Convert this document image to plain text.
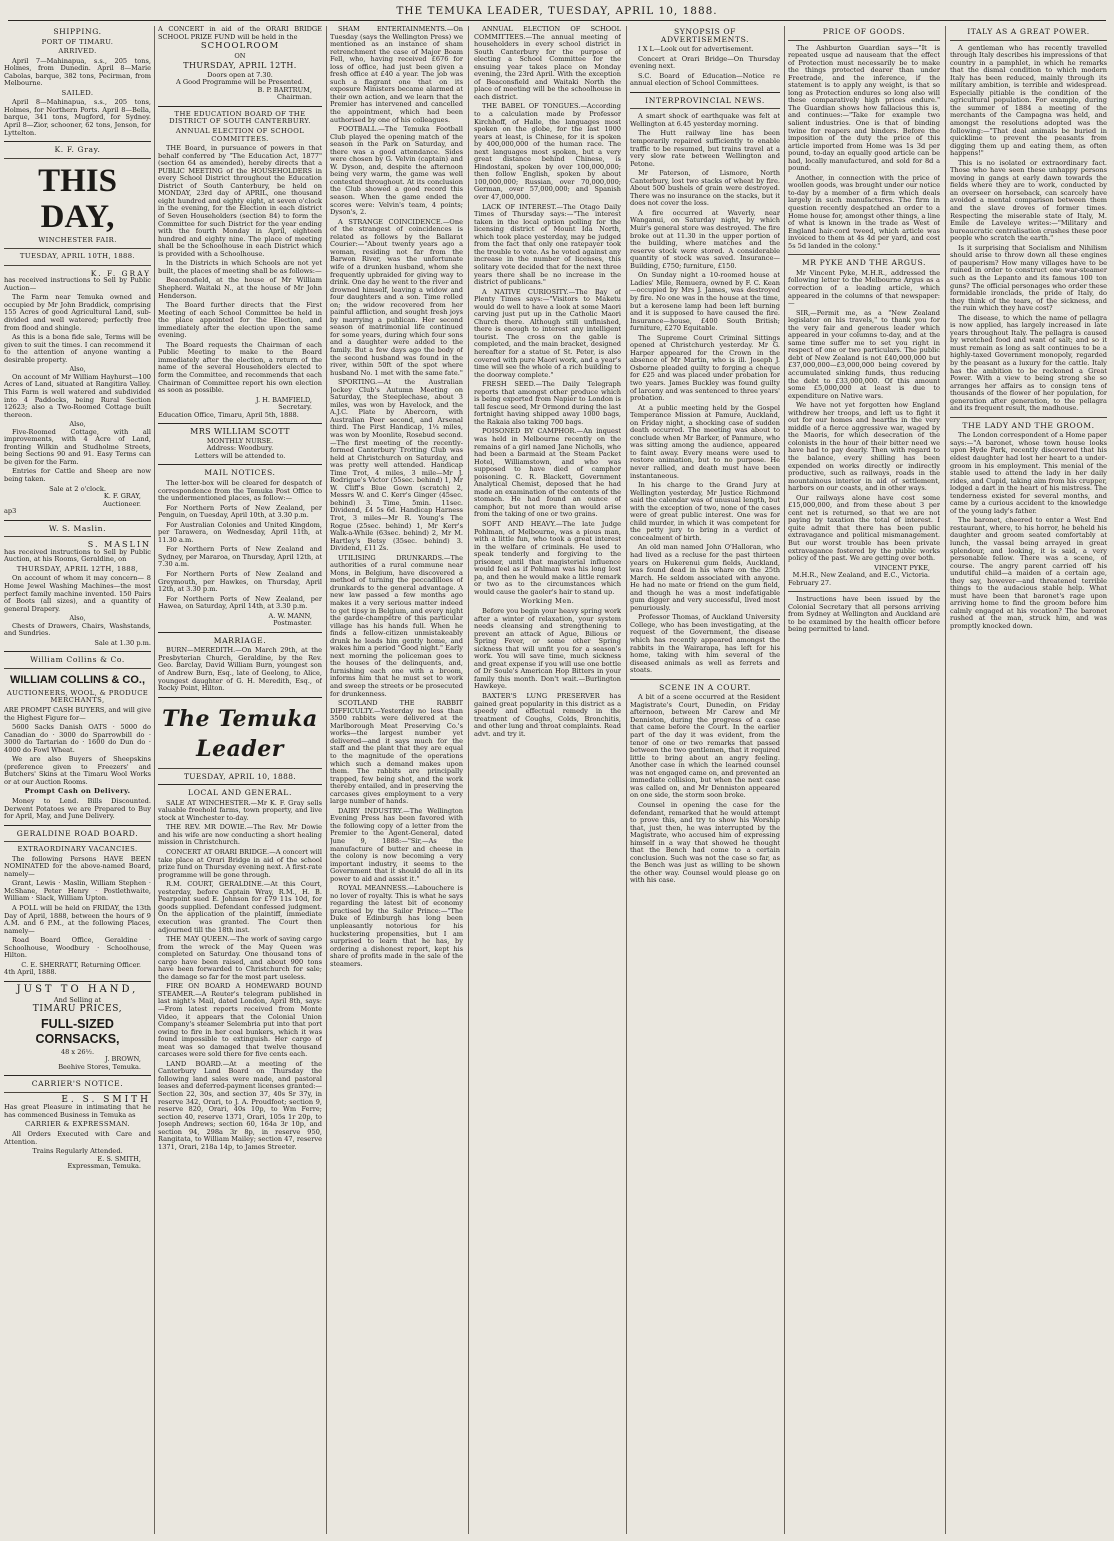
THE TEMUKA LEADER, TUESDAY, APRIL 10, 1888.
SHIPPING.
PORT OF TIMARU.
ARRIVED.
April 7—Mahinapua, s.s., 205 tons, Holmes, from Dunedin. April 8—Marie Cabolas, barque, 382 tons, Pecirman, from Melbourne.
SAILED.
April 8—Mahinapua, s.s., 205 tons, Holmes, for Northern Ports. April 8—Bella, barque, 341 tons, Mugford, for Sydney. April 8—Zior, schooner, 62 tons, Jenson, for Lyttelton.
K. F. Gray.
THIS DAY,
WINCHESTER FAIR.
TUESDAY, APRIL 10TH, 1888.
K. F. GRAY
has received instructions to Sell by Public Auction—
The Farm near Temuka owned and occupied by Mr John Braddick, comprising 155 Acres of good Agricultural Land, sub-divided and well watered; perfectly free from flood and shingle.
As this is a bona fide sale, Terms will be given to suit the times. I can recommend it to the attention of anyone wanting a desirable property.
Also,
On account of Mr William Hayhurst—100 Acres of Land, situated at Rangitira Valley. This Farm is well watered and subdivided into 4 Paddocks, being Rural Section 12623; also a Two-Roomed Cottage built thereon.
Also,
Five-Roomed Cottage, with all improvements, with 4 Acre of Land, fronting Wilkin and Studholme Streets, being Sections 90 and 91. Easy Terms can be given for the Farm.
Entries for Cattle and Sheep are now being taken.
Sale at 2 o'clock.
K. F. GRAY,
Auctioneer.
ap3
W. S. Maslin.
S. MASLIN
has received instructions to Sell by Public Auction, at his Rooms, Geraldine, on
THURSDAY, APRIL 12TH, 1888,
On account of whom it may concern— 8 Home Jewel Washing Machines—the most perfect family machine invented. 150 Pairs of Boots (all sizes), and a quantity of general Drapery.
Also,
Chests of Drawers, Chairs, Washstands, and Sundries.
Sale at 1.30 p.m.
William Collins & Co.
WILLIAM COLLINS & CO.,
AUCTIONEERS, WOOL, & PRODUCE MERCHANTS,
ARE PROMPT CASH BUYERS, and will give the Highest Figure for—
5600 Sacks Danish OATS · 5000 do Canadian do · 3000 do Sparrowbill do · 3000 do Tartarian do · 1600 do Dun do · 4000 do Fowl Wheat.
We are also Buyers of Sheepskins (preference given to Freezers' and Butchers' Skins at the Timaru Wool Works or at our Auction Rooms.
Prompt Cash on Delivery.
Money to Lend. Bills Discounted. Derwent Potatoes we are Prepared to Buy for April, May, and June Delivery.
GERALDINE ROAD BOARD.
EXTRAORDINARY VACANCIES.
The following Persons HAVE BEEN NOMINATED for the above-named Board, namely—
Grant, Lewis · Maslin, William Stephen · McShane, Peter Henry · Postlethwaite, William · Slack, William Upton.
A POLL will be held on FRIDAY, the 13th Day of April, 1888, between the hours of 9 A.M. and 6 P.M., at the following Places, namely—
Road Board Office, Geraldine · Schoolhouse, Woodbury · Schoolhouse, Hilton.
C. E. SHERRATT, Returning Officer.
4th April, 1888.
JUST TO HAND,
And Selling at
TIMARU PRICES,
FULL-SIZED CORNSACKS,
48 x 26½.
J. BROWN,
Beehive Stores, Temuka.
CARRIER'S NOTICE.
E. S. SMITH
Has great Pleasure in intimating that he has commenced Business in Temuka as
CARRIER & EXPRESSMAN.
All Orders Executed with Care and Attention.
Trains Regularly Attended.
E. S. SMITH,
Expressman, Temuka.
A CONCERT in aid of the ORARI BRIDGE SCHOOL PRIZE FUND will be held in the
SCHOOLROOM
ON
THURSDAY, APRIL 12TH.
Doors open at 7.30.
A Good Programme will be Presented.
B. P. BARTRUM,
Chairman.
THE EDUCATION BOARD OF THE DISTRICT OF SOUTH CANTERBURY.
ANNUAL ELECTION OF SCHOOL COMMITTEES.
THE Board, in pursuance of powers in that behalf conferred by "The Education Act, 1877" (section 64 as amended), hereby directs that a PUBLIC MEETING of the HOUSEHOLDERS in every School District throughout the Education District of South Canterbury, be held on MONDAY, 23rd day of APRIL, one thousand eight hundred and eighty eight, at seven o'clock in the evening, for the Election in each district of Seven Householders (section 84) to form the Committee for such District for the year ending with the fourth Monday in April, eighteen hundred and eighty nine. The place of meeting shall be the Schoolhouse in each District which is provided with a Schoolhouse.
In the Districts in which Schools are not yet built, the places of meeting shall be as follows:—
Beaconsfield, at the house of Mr William Shepherd. Waitaki N., at the house of Mr John Henderson.
The Board further directs that the First Meeting of each School Committee be held in the place appointed for the Election, and immediately after the election upon the same evening.
The Board requests the Chairman of each Public Meeting to make to the Board immediately after the election, a return of the name of the several Householders elected to form the Committee, and recommends that each Chairman of Committee report his own election as soon as possible.
J. H. BAMFIELD,
Secretary.
Education Office, Timaru, April 5th, 1888.
MRS WILLIAM SCOTT
MONTHLY NURSE.
Address: Woodbury.
Letters will be attended to.
MAIL NOTICES.
The letter-box will be cleared for despatch of correspondence from the Temuka Post Office to the undermentioned places, as follow:—
For Northern Ports of New Zealand, per Penguin, on Tuesday, April 10th, at 3.30 p.m.
For Australian Colonies and United Kingdom, per Tarawera, on Wednesday, April 11th, at 11.30 a.m.
For Northern Ports of New Zealand and Sydney, per Mararoa, on Thursday, April 12th, at 7.30 a.m.
For Northern Ports of New Zealand and Greymouth, per Hawkes, on Thursday, April 12th, at 3.30 p.m.
For Northern Ports of New Zealand, per Hawea, on Saturday, April 14th, at 3.30 p.m.
A. W. MANN,
Postmaster.
MARRIAGE.
BURN—MEREDITH.—On March 29th, at the Presbyterian Church, Geraldine, by the Rev. Geo. Barclay, David William Burn, youngest son of Andrew Burn, Esq., late of Geelong, to Alice, youngest daughter of G. H. Meredith, Esq., of Rocky Point, Hilton.
The Temuka Leader
TUESDAY, APRIL 10, 1888.
LOCAL AND GENERAL.
SALE AT WINCHESTER.—Mr K. F. Gray sells valuable freehold farms, town property, and live stock at Winchester to-day.
THE REV. MR DOWIE.—The Rev. Mr Dowie and his wife are now conducting a short healing mission in Christchurch.
CONCERT AT ORARI BRIDGE.—A concert will take place at Orari Bridge in aid of the school prize fund on Thursday evening next. A first-rate programme will be gone through.
R.M. COURT, GERALDINE.—At this Court, yesterday, before Captain Wray, R.M., H. B. Pearpoint sued E. Johnson for £79 11s 10d, for goods supplied. Defendant confessed judgment. On the application of the plaintiff, immediate execution was granted. The Court then adjourned till the 18th inst.
THE MAY QUEEN.—The work of saving cargo from the wreck of the May Queen was completed on Saturday. One thousand tons of cargo have been raised, and about 900 tons have been forwarded to Christchurch for sale; the damage so far for the most part useless.
FIRE ON BOARD A HOMEWARD BOUND STEAMER.—A Reuter's telegram published in last night's Mail, dated London, April 8th, says:—From latest reports received from Monte Video, it appears that the Colonial Union Company's steamer Selembria put into that port owing to fire in her coal bunkers, which it was found impossible to extinguish. Her cargo of meat was so damaged that twelve thousand carcases were sold there for five cents each.
LAND BOARD.—At a meeting of the Canterbury Land Board on Thursday the following land sales were made, and pastoral leases and deferred-payment licenses granted:—Section 22, 30s, and section 37, 40s Sr 37y, in reserve 342, Orari, to J. A. Proudfoot; section 9, reserve 820, Orari, 40s 10p, to Wm Ferre; section 40, reserve 1371, Orari, 105s 1r 20p, to Joseph Andrews; section 60, 164a 3r 10p, and section 94, 298a 3r 8p, in reserve 950, Rangitata, to William Mailey; section 47, reserve 1371, Orari, 218a 14p, to James Streeter.
SHAM ENTERTAINMENTS.—On Tuesday (says the Wellington Press) we mentioned as an instance of sham retrenchment the case of Major Boam Fell, who, having received £676 for loss of office, had just been given a fresh office at £40 a year. The job was such a flagrant one that on its exposure Ministers became alarmed at their own action, and we learn that the Premier has intervened and cancelled the appointment, which had been authorised by one of his colleagues.
FOOTBALL.—The Temuka Football Club played the opening match of the season in the Park on Saturday, and there was a good attendance. Sides were chosen by G. Velvin (captain) and W. Dyson, and, despite the afternoon being very warm, the game was well contested throughout. At its conclusion the Club showed a good record this season. When the game ended the scores were: Velvin's team, 4 points; Dyson's, 2.
A STRANGE COINCIDENCE.—One of the strangest of coincidences is related as follows by the Ballarat Courier:—"About twenty years ago a woman, residing not far from the Barwon River, was the unfortunate wife of a drunken husband, whom she frequently upbraided for giving way to drink. One day he went to the river and drowned himself, leaving a widow and four daughters and a son. Time rolled on; the widow recovered from her painful affliction, and sought fresh joys by marrying a publican. Her second season of matrimonial life continued for some years, during which four sons and a daughter were added to the family. But a few days ago the body of the second husband was found in the river, within 50ft of the spot where husband No. 1 met with the same fate."
SPORTING.—At the Australian Jockey Club's Autumn Meeting on Saturday, the Steeplechase, about 3 miles, was won by Havelock, and the A.J.C. Plate by Abercorn, with Australian Peer second, and Arsenal third. The First Handicap, 1¼ miles, was won by Moonlite, Rosebud second. —The first meeting of the recently-formed Canterbury Trotting Club was held at Christchurch on Saturday, and was pretty well attended. Handicap Time Trot, 4 miles, 3 mile—Mr J. Rodrigue's Victor (55sec. behind) 1, Mr W. Cliff's Blue Gown (scratch) 2, Messrs W. and C. Kerr's Ginger (45sec. behind) 3. Time, 5min. 11sec. Dividend, £4 5s 6d. Handicap Harness Trot, 3 miles—Mr R. Young's The Rogue (25sec. behind) 1, Mr Kerr's Walk-a-While (63sec. behind) 2, Mr M. Hartley's Betsy (35sec. behind) 3. Dividend, £11 2s.
UTILISING DRUNKARDS.—The authorities of a rural commune near Mons, in Belgium, have discovered a method of turning the peccadilloes of drunkards to the general advantage. A new law passed a few months ago makes it a very serious matter indeed to get tipsy in Belgium, and every night the garde-champêtre of this particular village has his hands full. When he finds a fellow-citizen unmistakeably drunk he leads him gently home, and wakes him a period "Good night." Early next morning the policeman goes to the houses of the delinquents, and, furnishing each one with a broom, informs him that he must set to work and sweep the streets or be prosecuted for drunkenness.
SCOTLAND THE RABBIT DIFFICULTY.—Yesterday no less than 3500 rabbits were delivered at the Marlborough Meat Preserving Co.'s works—the largest number yet delivered—and it says much for the staff and the plant that they are equal to the magnitude of the operations which such a demand makes upon them. The rabbits are principally trapped, few being shot, and the work thereby entailed, and in preserving the carcases gives employment to a very large number of hands.
DAIRY INDUSTRY.—The Wellington Evening Press has been favored with the following copy of a letter from the Premier to the Agent-General, dated June 9, 1888:—"Sir,—As the manufacture of butter and cheese in the colony is now becoming a very important industry, it seems to the Government that it should do all in its power to aid and assist it."
ROYAL MEANNESS.—Labouchere is no lover of royalty. This is what he says regarding the latest bit of economy practised by the Sailor Prince:—"The Duke of Edinburgh has long been unpleasantly notorious for his huckstering propensities, but I am surprised to learn that he has, by ordering a dishonest report, kept his share of profits made in the sale of the steamers.
ANNUAL ELECTION OF SCHOOL COMMITTEES.—The annual meeting of householders in every school district in South Canterbury for the purpose of electing a School Committee for the ensuing year takes place on Monday evening, the 23rd April. With the exception of Beaconsfield and Waitaki North the place of meeting will be the schoolhouse in each district.
THE BABEL OF TONGUES.—According to a calculation made by Professor Kirchhoff, of Halle, the languages most spoken on the globe, for the last 1000 years at least, is Chinese, for it is spoken by 400,000,000 of the human race. The next languages most spoken, but a very great distance behind Chinese, is Hindostani, spoken by over 100,000,000; then follow English, spoken by about 100,000,000; Russian, over 70,000,000; German, over 57,000,000; and Spanish over 47,000,000.
LACK OF INTEREST.—The Otago Daily Times of Thursday says:—"The interest taken in the local option polling for the licensing district of Mount Ida North, which took place yesterday, may be judged from the fact that only one ratepayer took the trouble to vote. As he voted against any increase in the number of licenses, this solitary vote decided that for the next three years there shall be no increase in the district of publicans."
A NATIVE CURIOSITY.—The Bay of Plenty Times says:—"Visitors to Maketu would do well to have a look at some Maori carving just put up in the Catholic Maori Church there. Although still unfinished, there is enough to interest any intelligent tourist. The cross on the gable is completed, and the main bracket, designed hereafter for a statue of St. Peter, is also covered with pure Maori work, and a year's time will see the whole of a rich building to the doorway complete."
FRESH SEED.—The Daily Telegraph reports that amongst other produce which is being exported from Napier to London is tall fescue seed, Mr Ormond during the last fortnight having shipped away 1000 bags, the Rakaia also taking 700 bags.
POISONED BY CAMPHOR.—An inquest was held in Melbourne recently on the remains of a girl named Jane Nicholls, who had been a barmaid at the Steam Packet Hotel, Williamstown, and who was supposed to have died of camphor poisoning. C. R. Blackett, Government Analytical Chemist, deposed that he had made an examination of the contents of the stomach. He had found an ounce of camphor, but not more than would arise from the taking of one or two grains.
SOFT AND HEAVY.—The late Judge Pohlman, of Melbourne, was a pious man, with a little fun, who took a great interest in the welfare of criminals. He used to speak tenderly and forgiving to the prisoner, until that magisterial influence would feel as if Pohlman was his long lost pa, and then he would make a little remark or two as to the circumstances which would cause the gaoler's hair to stand up.
Working Men.
Before you begin your heavy spring work after a winter of relaxation, your system needs cleansing and strengthening to prevent an attack of Ague, Bilious or Spring Fever, or some other Spring sickness that will unfit you for a season's work. You will save time, much sickness and great expense if you will use one bottle of Dr Soule's American Hop Bitters in your family this month. Don't wait.—Burlington Hawkeye.
BAXTER'S LUNG PRESERVER has gained great popularity in this district as a speedy and effectual remedy in the treatment of Coughs, Colds, Bronchitis, and other lung and throat complaints. Read advt. and try it.
SYNOPSIS OF ADVERTISEMENTS.
I X L—Look out for advertisement.
Concert at Orari Bridge—On Thursday evening next.
S.C. Board of Education—Notice re annual election of School Committees.
INTERPROVINCIAL NEWS.
A smart shock of earthquake was felt at Wellington at 6.45 yesterday morning.
The Hutt railway line has been temporarily repaired sufficiently to enable traffic to be resumed, but trains travel at a very slow rate between Wellington and Petone.
Mr Paterson, of Lismore, North Canterbury, lost two stacks of wheat by fire. About 500 bushels of grain were destroyed. There was no insurance on the stacks, but it does not cover the loss.
A fire occurred at Waverly, near Wanganui, on Saturday night, by which Muir's general store was destroyed. The fire broke out at 11.30 in the upper portion of the building, where matches and the reserve stock were stored. A considerable quantity of stock was saved. Insurance—Building, £750; furniture, £150.
On Sunday night a 10-roomed house at Ladies' Mile, Remuera, owned by F. C. Kean—occupied by Mrs J. James, was destroyed by fire. No one was in the house at the time, but a kerosene lamp had been left burning and it is supposed to have caused the fire. Insurance—house, £400 South British; furniture, £270 Equitable.
The Supreme Court Criminal Sittings opened at Christchurch yesterday. Mr G. Harper appeared for the Crown in the absence of Mr Martin, who is ill. Joseph J. Osborne pleaded guilty to forging a cheque for £25 and was placed under probation for two years. James Buckley was found guilty of larceny and was sentenced to three years' probation.
At a public meeting held by the Gospel Temperance Mission at Pamure, Auckland, on Friday night, a shocking case of sudden death occurred. The meeting was about to conclude when Mr Barker, of Panmure, who was sitting among the audience, appeared to faint away. Every means were used to restore animation, but to no purpose. He never rallied, and death must have been instantaneous.
In his charge to the Grand Jury at Wellington yesterday, Mr Justice Richmond said the calendar was of unusual length, but with the exception of two, none of the cases were of great public interest. One was for child murder, in which it was competent for the petty jury to bring in a verdict of concealment of birth.
An old man named John O'Halloran, who had lived as a recluse for the past thirteen years on Hukerenui gum fields, Auckland, was found dead in his whare on the 25th March. He seldom associated with anyone. He had no mate or friend on the gum field, and though he was a most indefatigable gum digger and very successful, lived most penuriously.
Professor Thomas, of Auckland University College, who has been investigating, at the request of the Government, the disease which has recently appeared amongst the rabbits in the Wairarapa, has left for his home, taking with him several of the diseased animals as well as ferrets and stoats.
SCENE IN A COURT.
A bit of a scene occurred at the Resident Magistrate's Court, Dunedin, on Friday afternoon, between Mr Carew and Mr Denniston, during the progress of a case that came before the Court. In the earlier part of the day it was evident, from the tenor of one or two remarks that passed between the two gentlemen, that it required little to bring about an angry feeling. Another case in which the learned counsel was not engaged came on, and prevented an immediate collision, but when the next case was called on, and Mr Denniston appeared on one side, the storm soon broke.
Counsel in opening the case for the defendant, remarked that he would attempt to prove this, and try to show his Worship that, just then, he was interrupted by the Magistrate, who accused him of expressing himself in a way that showed he thought that the Bench had come to a certain conclusion. Such was not the case so far, as the Bench was just as willing to be shown the other way. Counsel would please go on with his case.
PRICE OF GOODS.
The Ashburton Guardian says—"It is repeated usque ad nauseam that the effect of Protection must necessarily be to make the things protected dearer than under Freetrade, and the inference, if the statement is to apply any weight, is that so long as Protection endures so long also will these comparatively high prices endure." The Guardian shows how fallacious this is, and continues:—"Take for example two salient industries. One is that of binding twine for reapers and binders. Before the imposition of the duty the price of this article imported from Home was 1s 3d per pound, to-day an equally good article can be had, locally manufactured, and sold for 8d a pound.
Another, in connection with the price of woollen goods, was brought under our notice to-day by a member of a firm which deals largely in such manufactures. The firm in question recently despatched an order to a Home house for, amongst other things, a line of what is known in the trade as West of England hair-cord tweed, which article was invoiced to them at 4s 4d per yard, and cost 5s 5d landed in the colony."
MR PYKE AND THE ARGUS.
Mr Vincent Pyke, M.H.R., addressed the following letter to the Melbourne Argus as a correction of a leading article, which appeared in the columns of that newspaper:—
SIR,—Permit me, as a "New Zealand legislator on his travels," to thank you for the very fair and generous leader which appeared in your columns to-day, and at the same time suffer me to set you right in respect of one or two particulars. The public debt of New Zealand is not £40,000,000 but £37,000,000—£3,000,000 being covered by accumulated sinking funds, thus reducing the debt to £33,000,000. Of this amount some £5,000,000 at least is due to expenditure on Native wars.
We have not yet forgotten how England withdrew her troops, and left us to fight it out for our homes and hearths in the very middle of a fierce aggressive war, waged by the Maoris, for which desecration of the colonists in the hour of their bitter need we have had to pay dearly. Then with regard to the balance, every shilling has been expended on works directly or indirectly productive, such as railways, roads in the mountainous interior in aid of settlement, harbors on our coasts, and in other ways.
Our railways alone have cost some £15,000,000, and from these about 3 per cent net is returned, so that we are not paying by taxation the total of interest. I quite admit that there has been public extravagance and political mismanagement. But our worst trouble has been private extravagance fostered by the public works policy of the past. We are getting over both.
VINCENT PYKE,
M.H.R., New Zealand, and E.C., Victoria.
February 27.
Instructions have been issued by the Colonial Secretary that all persons arriving from Sydney at Wellington and Auckland are to be examined by the health officer before being permitted to land.
ITALY AS A GREAT POWER.
A gentleman who has recently travelled through Italy describes his impressions of that country in a pamphlet, in which he remarks that the dismal condition to which modern Italy has been reduced, mainly through its military ambition, is terrible and widespread. Especially pitiable is the condition of the agricultural population. For example, during the summer of 1884 a meeting of the merchants of the Campagna was held, and amongst the resolutions adopted was the following:—"That deal animals be buried in quicklime to prevent the peasants from digging them up and eating them, as often happens!"
This is no isolated or extraordinary fact. Those who have seen these unhappy persons moving in gangs at early dawn towards the fields where they are to work, conducted by an overseer on horseback, can scarcely have avoided a mental comparison between them and the slave droves of former times. Respecting the miserable state of Italy, M. Emile de Laveleye writes:—"Military and bureaucratic centralisation crushes these poor people who scratch the earth."
Is it surprising that Socialism and Nihilism should arise to throw down all these engines of pauperism? How many villages have to be ruined in order to construct one war-steamer such as the Lepanto and its famous 100 ton guns? The official personages who order these formidable ironclads, the pride of Italy, do they think of the tears, of the sickness, and the ruin which they have cost?
The disease, to which the name of pellagra is now applied, has largely increased in late years throughout Italy. The pellagra is caused by wretched food and want of salt; and so it must remain as long as salt continues to be a highly-taxed Government monopoly, regarded by the peasant as a luxury for the cattle. Italy has the ambition to be reckoned a Great Power. With a view to being strong she so arranges her affairs as to consign tens of thousands of the flower of her population, for generation after generation, to the pellagra and its frequent result, the madhouse.
THE LADY AND THE GROOM.
The London correspondent of a Home paper says:—"A baronet, whose town house looks upon Hyde Park, recently discovered that his eldest daughter had lost her heart to a under-groom in his employment. This menial of the stable used to attend the lady in her daily rides, and Cupid, taking aim from his crupper, lodged a dart in the heart of his mistress. The tenderness existed for several months, and came by a curious accident to the knowledge of the young lady's father.
The baronet, cheered to enter a West End restaurant, where, to his horror, he beheld his daughter and groom seated comfortably at lunch, the vassal being arrayed in great splendour, and looking, it is said, a very personable fellow. There was a scene, of course. The angry parent carried off his undutiful child—a maiden of a certain age, they say, however—and threatened terrible things to the audacious stable help. What must have been that baronet's rage upon arriving home to find the groom before him calmly engaged at his vocation? The baronet rushed at the man, struck him, and was promptly knocked down.
